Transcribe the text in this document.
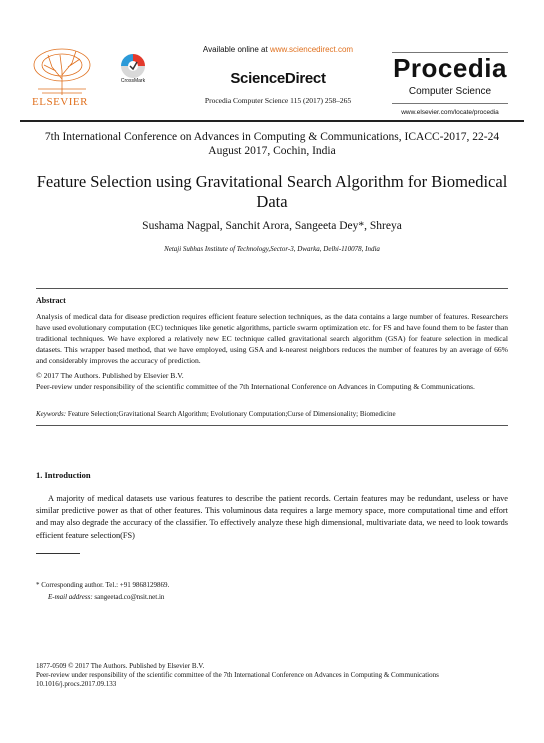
ELSEVIER
CrossMark
Available online at www.sciencedirect.com
ScienceDirect
Procedia Computer Science 115 (2017) 258–265
Procedia
Computer Science
www.elsevier.com/locate/procedia
7th International Conference on Advances in Computing & Communications, ICACC-2017, 22-24 August 2017, Cochin, India
Feature Selection using Gravitational Search Algorithm for Biomedical Data
Sushama Nagpal, Sanchit Arora, Sangeeta Dey*, Shreya
Netaji Subhas Institute of Technology,Sector-3, Dwarka, Delhi-110078, India
Abstract
Analysis of medical data for disease prediction requires efficient feature selection techniques, as the data contains a large number of features. Researchers have used evolutionary computation (EC) techniques like genetic algorithms, particle swarm optimization etc. for FS and have found them to be faster than traditional techniques. We have explored a relatively new EC technique called gravitational search algorithm (GSA) for feature selection in medical datasets. This wrapper based method, that we have employed, using GSA and k-nearest neighbors reduces the number of features by an average of 66% and considerably improves the accuracy of prediction.
© 2017 The Authors. Published by Elsevier B.V.
Peer-review under responsibility of the scientific committee of the 7th International Conference on Advances in Computing & Communications.
Keywords: Feature Selection;Gravitational Search Algorithm; Evolutionary Computation;Curse of Dimensionality; Biomedicine
1. Introduction
A majority of medical datasets use various features to describe the patient records. Certain features may be redundant, useless or have similar predictive power as that of other features. This voluminous data requires a large memory space, more computational time and effort and may also degrade the accuracy of the classifier. To effectively analyze these high dimensional, multivariate data, we need to look towards efficient feature selection(FS)
* Corresponding author. Tel.: +91 9868129869.
E-mail address: sangeetad.co@nsit.net.in
1877-0509 © 2017 The Authors. Published by Elsevier B.V.
Peer-review under responsibility of the scientific committee of the 7th International Conference on Advances in Computing & Communications
10.1016/j.procs.2017.09.133
